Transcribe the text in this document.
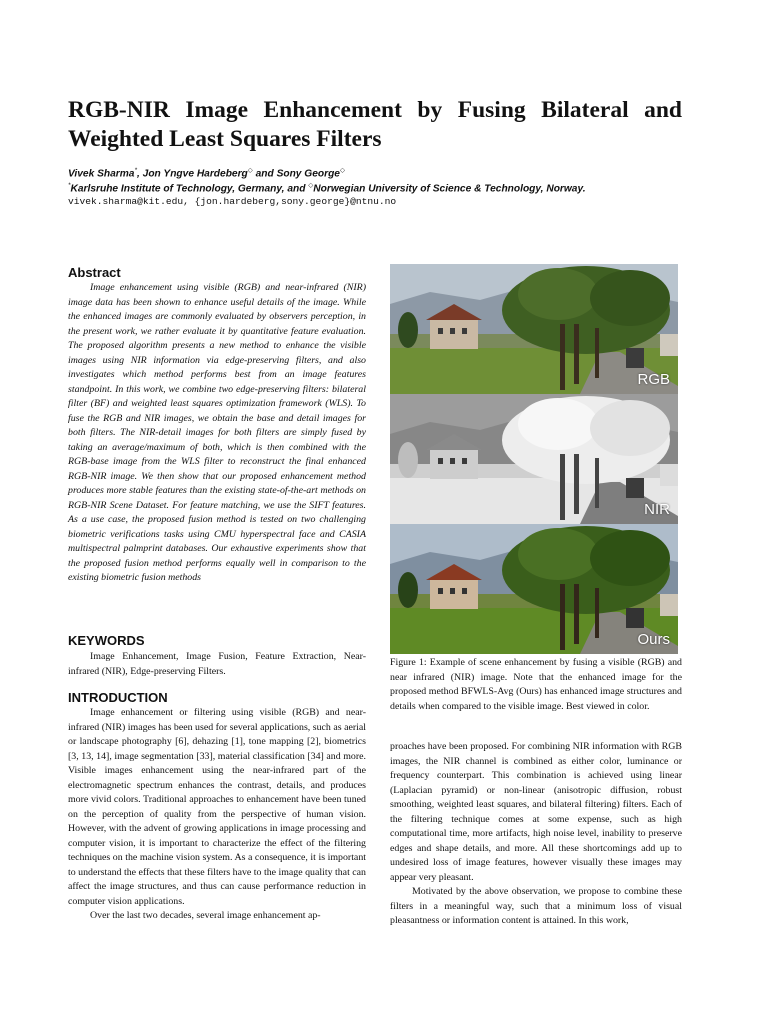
RGB-NIR Image Enhancement by Fusing Bilateral and Weighted Least Squares Filters
Vivek Sharma*, Jon Yngve Hardeberg◇ and Sony George◇
*Karlsruhe Institute of Technology, Germany, and ◇Norwegian University of Science & Technology, Norway.
vivek.sharma@kit.edu, {jon.hardeberg,sony.george}@ntnu.no
Abstract

Image enhancement using visible (RGB) and near-infrared (NIR) image data has been shown to enhance useful details of the image. While the enhanced images are commonly evaluated by observers perception, in the present work, we rather evaluate it by quantitative feature evaluation. The proposed algorithm presents a new method to enhance the visible images using NIR information via edge-preserving filters, and also investigates which method performs best from an image features standpoint. In this work, we combine two edge-preserving filters: bilateral filter (BF) and weighted least squares optimization framework (WLS). To fuse the RGB and NIR images, we obtain the base and detail images for both filters. The NIR-detail images for both filters are simply fused by taking an average/maximum of both, which is then combined with the RGB-base image from the WLS filter to reconstruct the final enhanced RGB-NIR image. We then show that our proposed enhancement method produces more stable features than the existing state-of-the-art methods on RGB-NIR Scene Dataset. For feature matching, we use the SIFT features. As a use case, the proposed fusion method is tested on two challenging biometric verifications tasks using CMU hyperspectral face and CASIA multispectral palmprint databases. Our exhaustive experiments show that the proposed fusion method performs equally well in comparison to the existing biometric fusion methods

KEYWORDS

Image Enhancement, Image Fusion, Feature Extraction, Near-infrared (NIR), Edge-preserving Filters.

INTRODUCTION

Image enhancement or filtering using visible (RGB) and near-infrared (NIR) images has been used for several applications, such as aerial or landscape photography [6], dehazing [1], tone mapping [2], biometrics [3, 13, 14], image segmentation [33], material classification [34] and more. Visible images enhancement using the near-infrared part of the electromagnetic spectrum enhances the contrast, details, and produces more vivid colors. Traditional approaches to enhancement have been tuned on the perception of quality from the perspective of human vision. However, with the advent of growing applications in image processing and computer vision, it is important to characterize the effect of the filtering techniques on the machine vision system. As a consequence, it is important to understand the effects that these filters have to the image quality that can affect the image structures, and thus can cause performance reduction in computer vision applications.

Over the last two decades, several image enhancement ap-

RGB
NIR
Ours
Figure 1: Example of scene enhancement by fusing a visible (RGB) and near infrared (NIR) image. Note that the enhanced image for the proposed method BFWLS-Avg (Ours) has enhanced image structures and details when compared to the visible image. Best viewed in color.

proaches have been proposed. For combining NIR information with RGB images, the NIR channel is combined as either color, luminance or frequency counterpart. This combination is achieved using linear (Laplacian pyramid) or non-linear (anisotropic diffusion, robust smoothing, weighted least squares, and bilateral filtering) filters. Each of the filtering technique comes at some expense, such as high computational time, more artifacts, high noise level, inability to preserve edges and shape details, and more. All these shortcomings add up to undesired loss of image features, however visually these images may appear very pleasant.

Motivated by the above observation, we propose to combine these filters in a meaningful way, such that a minimum loss of visual pleasantness or information content is attained. In this work,
